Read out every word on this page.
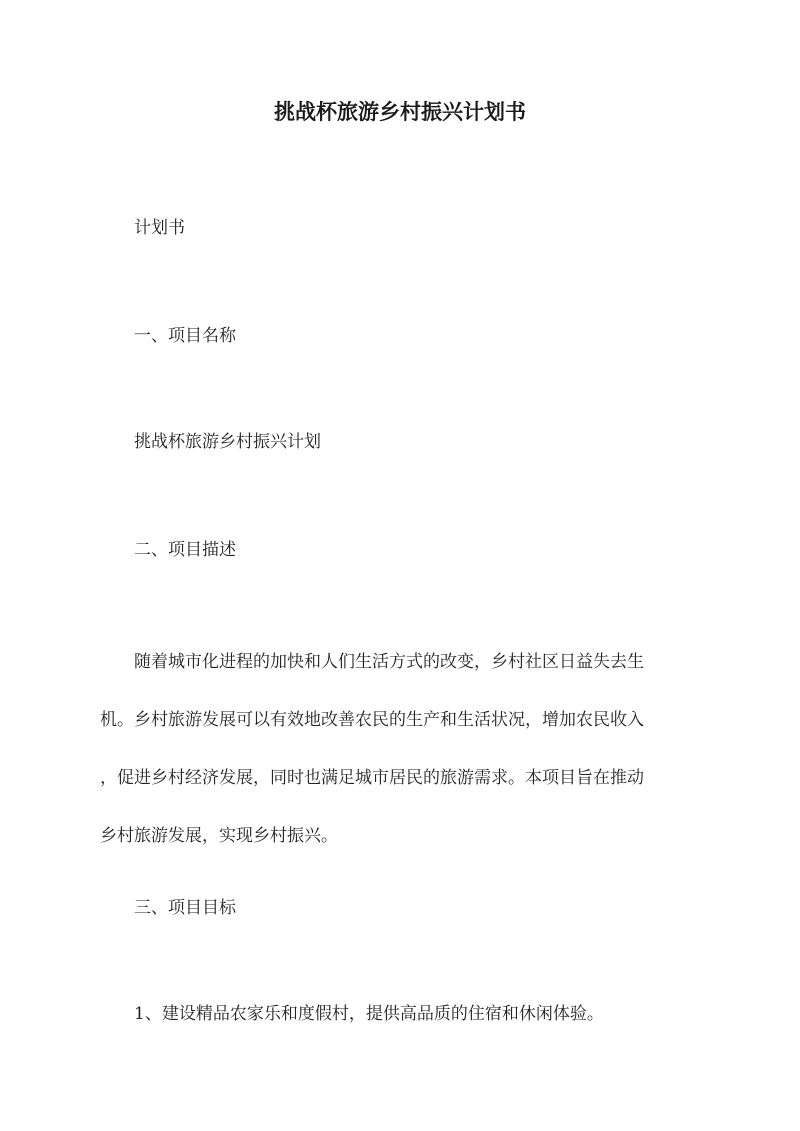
挑战杯旅游乡村振兴计划书
计划书
一、项目名称
挑战杯旅游乡村振兴计划
二、项目描述
随着城市化进程的加快和人们生活方式的改变，乡村社区日益失去生
机。乡村旅游发展可以有效地改善农民的生产和生活状况，增加农民收入
，促进乡村经济发展，同时也满足城市居民的旅游需求。本项目旨在推动
乡村旅游发展，实现乡村振兴。
三、项目目标
1、建设精品农家乐和度假村，提供高品质的住宿和休闲体验。
